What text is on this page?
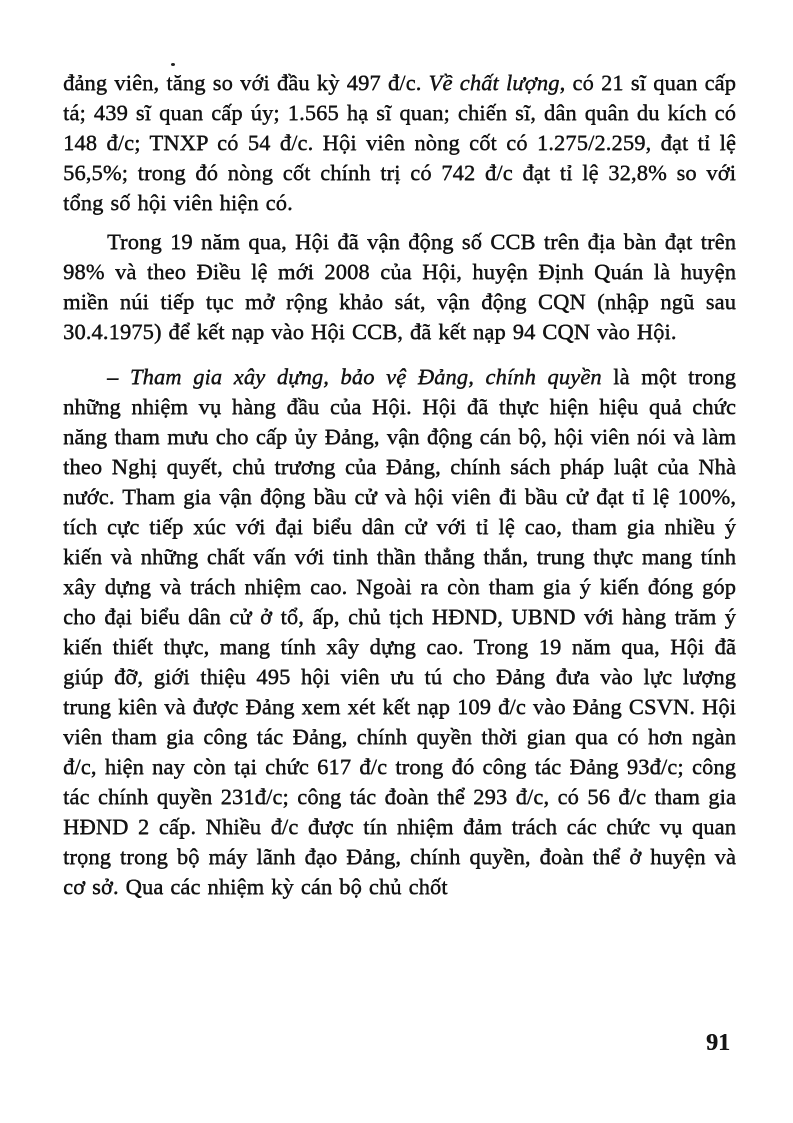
đảng viên, tăng so với đầu kỳ 497 đ/c. Về chất lượng, có 21 sĩ quan cấp tá; 439 sĩ quan cấp úy; 1.565 hạ sĩ quan; chiến sĩ, dân quân du kích có 148 đ/c; TNXP có 54 đ/c. Hội viên nòng cốt có 1.275/2.259, đạt tỉ lệ 56,5%; trong đó nòng cốt chính trị có 742 đ/c đạt tỉ lệ 32,8% so với tổng số hội viên hiện có.

Trong 19 năm qua, Hội đã vận động số CCB trên địa bàn đạt trên 98% và theo Điều lệ mới 2008 của Hội, huyện Định Quán là huyện miền núi tiếp tục mở rộng khảo sát, vận động CQN (nhập ngũ sau 30.4.1975) để kết nạp vào Hội CCB, đã kết nạp 94 CQN vào Hội.

– Tham gia xây dựng, bảo vệ Đảng, chính quyền là một trong những nhiệm vụ hàng đầu của Hội. Hội đã thực hiện hiệu quả chức năng tham mưu cho cấp ủy Đảng, vận động cán bộ, hội viên nói và làm theo Nghị quyết, chủ trương của Đảng, chính sách pháp luật của Nhà nước. Tham gia vận động bầu cử và hội viên đi bầu cử đạt tỉ lệ 100%, tích cực tiếp xúc với đại biểu dân cử với tỉ lệ cao, tham gia nhiều ý kiến và những chất vấn với tinh thần thẳng thắn, trung thực mang tính xây dựng và trách nhiệm cao. Ngoài ra còn tham gia ý kiến đóng góp cho đại biểu dân cử ở tổ, ấp, chủ tịch HĐND, UBND với hàng trăm ý kiến thiết thực, mang tính xây dựng cao. Trong 19 năm qua, Hội đã giúp đỡ, giới thiệu 495 hội viên ưu tú cho Đảng đưa vào lực lượng trung kiên và được Đảng xem xét kết nạp 109 đ/c vào Đảng CSVN. Hội viên tham gia công tác Đảng, chính quyền thời gian qua có hơn ngàn đ/c, hiện nay còn tại chức 617 đ/c trong đó công tác Đảng 93đ/c; công tác chính quyền 231đ/c; công tác đoàn thể 293 đ/c, có 56 đ/c tham gia HĐND 2 cấp. Nhiều đ/c được tín nhiệm đảm trách các chức vụ quan trọng trong bộ máy lãnh đạo Đảng, chính quyền, đoàn thể ở huyện và cơ sở. Qua các nhiệm kỳ cán bộ chủ chốt

91
